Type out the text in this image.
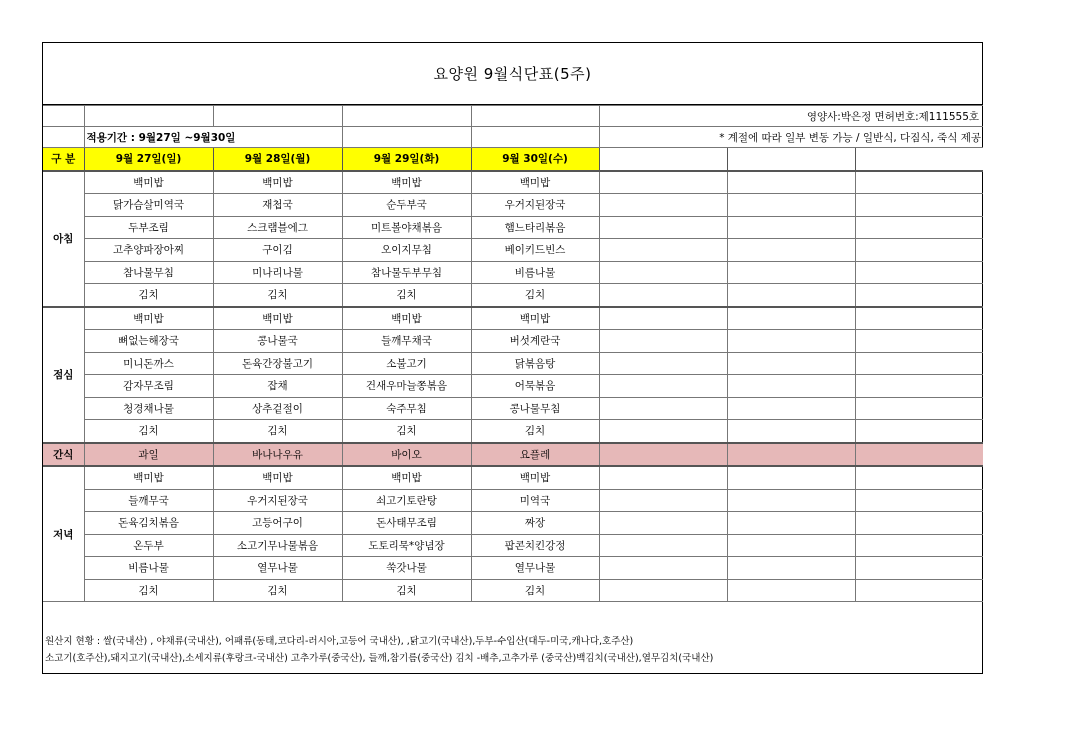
요양원 9월식단표(5주)
					영양사:박은정 면허번호:제111555호		
	적용기간 : 9월27일 ~9월30일				* 계절에 따라 일부 변동 가능 / 일반식, 다짐식, 죽식 제공		
구 분	9월 27일(일)	9월 28일(월)	9월 29일(화)	9월 30일(수)			
아침	백미밥	백미밥	백미밥	백미밥			
	닭가슴살미역국	재첩국	순두부국	우거지된장국			
	두부조림	스크램블에그	미트볼야채볶음	햄느타리볶음			
	고추양파장아찌	구이김	오이지무침	베이키드빈스			
	참나물무침	미나리나물	참나물두부무침	비름나물			
	김치	김치	김치	김치			
점심	백미밥	백미밥	백미밥	백미밥			
	뼈없는해장국	콩나물국	들깨무채국	버섯계란국			
	미니돈까스	돈육간장불고기	소불고기	닭볶음탕			
	감자무조림	잡채	건새우마늘쫑볶음	어묵볶음			
	청경채나물	상추겉절이	숙주무침	콩나물무침			
	김치	김치	김치	김치			
간식	과일	바나나우유	바이오	요플레			
저녁	백미밥	백미밥	백미밥	백미밥			
	들깨무국	우거지된장국	쇠고기토란탕	미역국			
	돈육김치볶음	고등어구이	돈사태무조림	짜장			
	온두부	소고기무나물볶음	도토리묵*양념장	팝콘치킨강정			
	비름나물	열무나물	쑥갓나물	열무나물			
	김치	김치	김치	김치			
원산지 현황 : 쌀(국내산) , 야채류(국내산), 어패류(동태,코다리-러시아,고등어 국내산), ,닭고기(국내산),두부-수입산(대두-미국,캐나다,호주산)
소고기(호주산),돼지고기(국내산),소세지류(후랑크-국내산) 고추가루(중국산), 들깨,참기름(중국산) 김치 -배추,고추가루 (중국산)백김치(국내산),열무김치(국내산)
